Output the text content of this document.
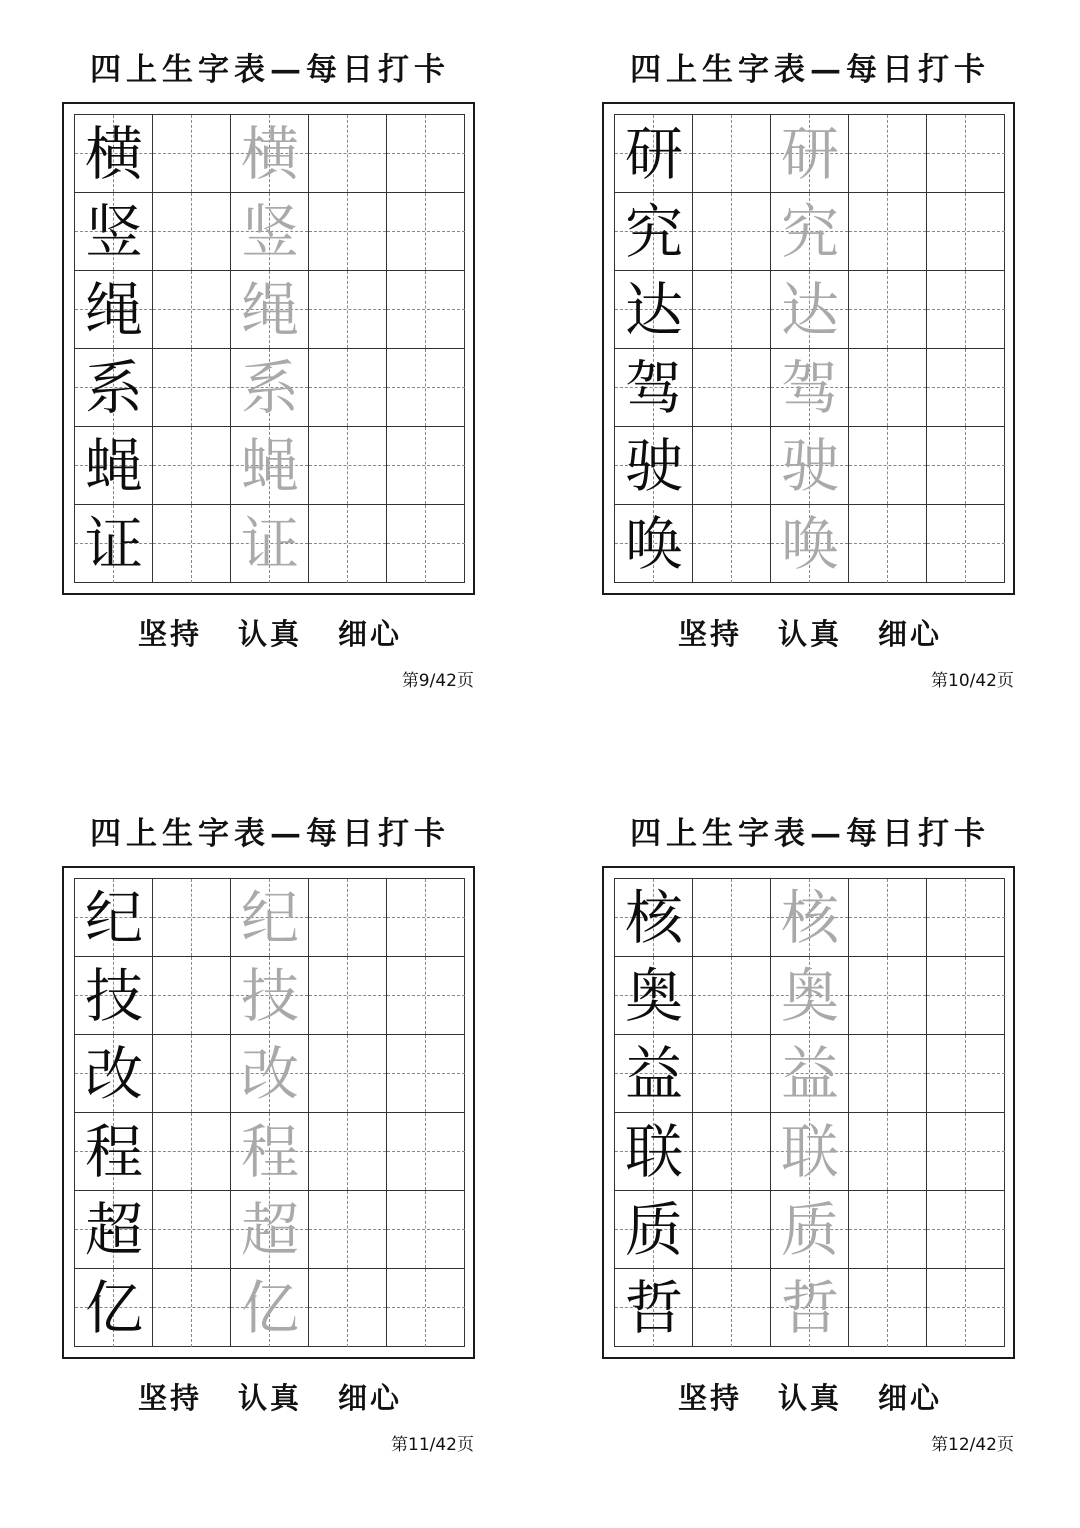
四上生字表—每日打卡
横 横
竖 竖
绳 绳
系 系
蝇 蝇
证 证
坚持 认真 细心
第9/42页
四上生字表—每日打卡
研 研
究 究
达 达
驾 驾
驶 驶
唤 唤
坚持 认真 细心
第10/42页
四上生字表—每日打卡
纪 纪
技 技
改 改
程 程
超 超
亿 亿
坚持 认真 细心
第11/42页
四上生字表—每日打卡
核 核
奥 奥
益 益
联 联
质 质
哲 哲
坚持 认真 细心
第12/42页
